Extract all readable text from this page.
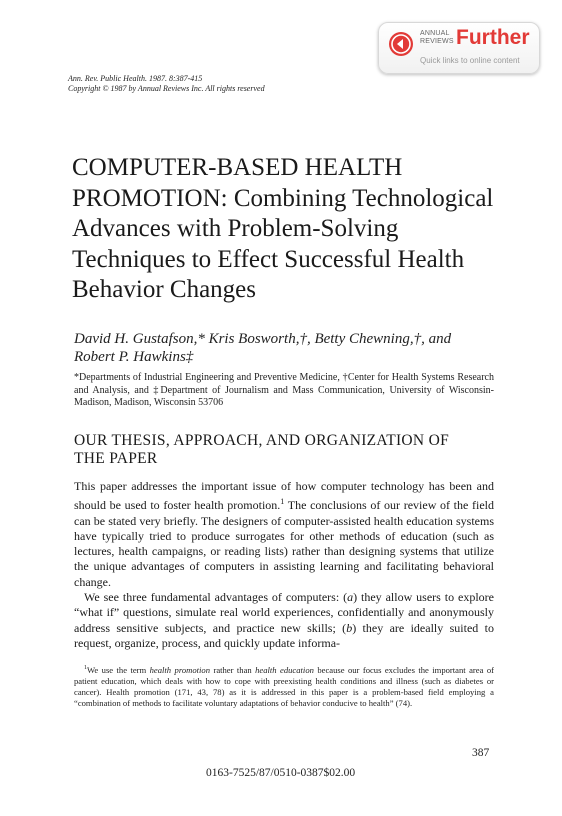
ANNUAL
REVIEWS Further
Quick links to online content
Ann. Rev. Public Health. 1987. 8:387-415
Copyright © 1987 by Annual Reviews Inc. All rights reserved
COMPUTER-BASED HEALTH
PROMOTION: Combining Technological
Advances with Problem-Solving
Techniques to Effect Successful Health
Behavior Changes
David H. Gustafson,* Kris Bosworth,†, Betty Chewning,†, and
Robert P. Hawkins‡
*Departments of Industrial Engineering and Preventive Medicine, †Center for Health Systems Research and Analysis, and ‡Department of Journalism and Mass Communication, University of Wisconsin-Madison, Madison, Wisconsin 53706
OUR THESIS, APPROACH, AND ORGANIZATION OF
THE PAPER

This paper addresses the important issue of how computer technology has been and should be used to foster health promotion.$^1$ The conclusions of our review of the field can be stated very briefly. The designers of computer-assisted health education systems have typically tried to produce surrogates for other methods of education (such as lectures, health campaigns, or reading lists) rather than designing systems that utilize the unique advantages of computers in assisting learning and facilitating behavioral change.

We see three fundamental advantages of computers: (a) they allow users to explore “what if” questions, simulate real world experiences, confidentially and anonymously address sensitive subjects, and practice new skills; (b) they are ideally suited to request, organize, process, and quickly update informa-

$^1$We use the term health promotion rather than health education because our focus excludes the important area of patient education, which deals with how to cope with preexisting health conditions and illness (such as diabetes or cancer). Health promotion (171, 43, 78) as it is addressed in this paper is a problem-based field employing a “combination of methods to facilitate voluntary adaptations of behavior conducive to health” (74).
387
0163-7525/87/0510-0387$02.00
